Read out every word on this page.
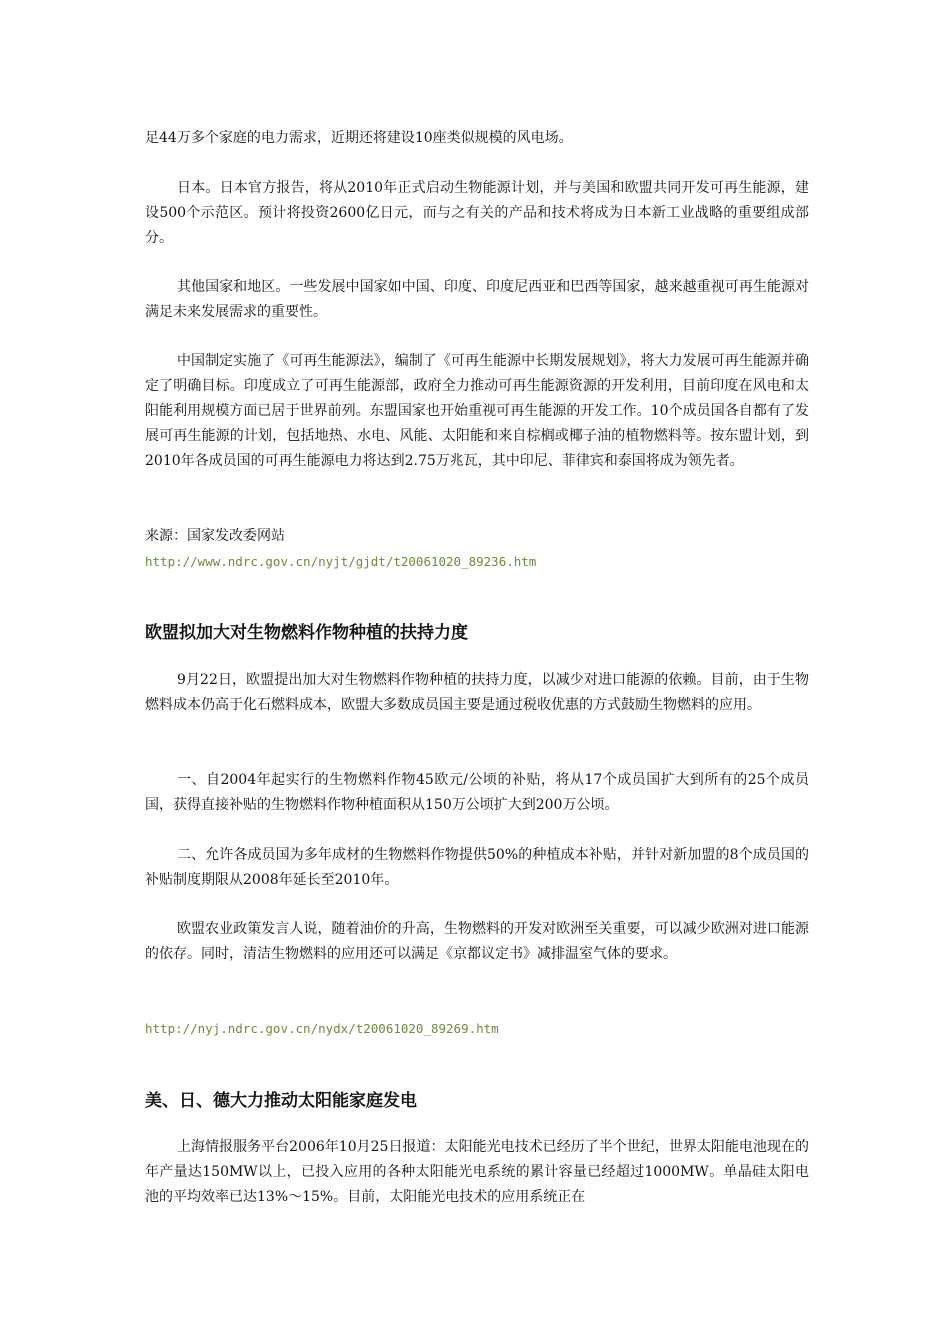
足44万多个家庭的电力需求，近期还将建设10座类似规模的风电场。

日本。日本官方报告，将从2010年正式启动生物能源计划，并与美国和欧盟共同开发可再生能源，建设500个示范区。预计将投资2600亿日元，而与之有关的产品和技术将成为日本新工业战略的重要组成部分。

其他国家和地区。一些发展中国家如中国、印度、印度尼西亚和巴西等国家，越来越重视可再生能源对满足未来发展需求的重要性。

中国制定实施了《可再生能源法》，编制了《可再生能源中长期发展规划》，将大力发展可再生能源并确定了明确目标。印度成立了可再生能源部，政府全力推动可再生能源资源的开发利用，目前印度在风电和太阳能利用规模方面已居于世界前列。东盟国家也开始重视可再生能源的开发工作。10个成员国各自都有了发展可再生能源的计划，包括地热、水电、风能、太阳能和来自棕榈或椰子油的植物燃料等。按东盟计划，到2010年各成员国的可再生能源电力将达到2.75万兆瓦，其中印尼、菲律宾和泰国将成为领先者。

来源：国家发改委网站

http://www.ndrc.gov.cn/nyjt/gjdt/t20061020_89236.htm

欧盟拟加大对生物燃料作物种植的扶持力度

9月22日，欧盟提出加大对生物燃料作物种植的扶持力度，以减少对进口能源的依赖。目前，由于生物燃料成本仍高于化石燃料成本，欧盟大多数成员国主要是通过税收优惠的方式鼓励生物燃料的应用。

一、自2004年起实行的生物燃料作物45欧元/公顷的补贴，将从17个成员国扩大到所有的25个成员国，获得直接补贴的生物燃料作物种植面积从150万公顷扩大到200万公顷。

二、允许各成员国为多年成材的生物燃料作物提供50%的种植成本补贴，并针对新加盟的8个成员国的补贴制度期限从2008年延长至2010年。

欧盟农业政策发言人说，随着油价的升高，生物燃料的开发对欧洲至关重要，可以减少欧洲对进口能源的依存。同时，清洁生物燃料的应用还可以满足《京都议定书》减排温室气体的要求。

http://nyj.ndrc.gov.cn/nydx/t20061020_89269.htm

美、日、德大力推动太阳能家庭发电

上海情报服务平台2006年10月25日报道：太阳能光电技术已经历了半个世纪，世界太阳能电池现在的年产量达150MW以上，已投入应用的各种太阳能光电系统的累计容量已经超过1000MW。单晶硅太阳电池的平均效率已达13%～15%。目前，太阳能光电技术的应用系统正在
